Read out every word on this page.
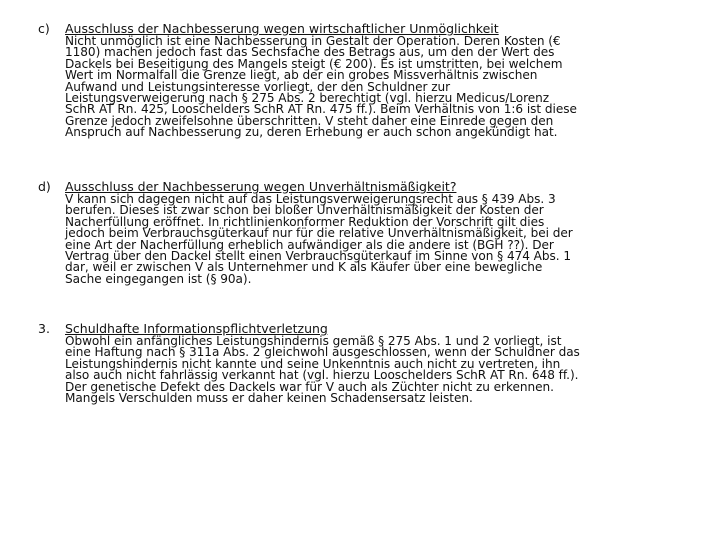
c)	Ausschluss der Nachbesserung wegen wirtschaftlicher Unmöglichkeit
Nicht unmöglich ist eine Nachbesserung in Gestalt der Operation. Deren Kosten (€
1180) machen jedoch fast das Sechsfache des Betrags aus, um den der Wert des
Dackels bei Beseitigung des Mangels steigt (€ 200). Es ist umstritten, bei welchem
Wert im Normalfall die Grenze liegt, ab der ein grobes Missverhältnis zwischen
Aufwand und Leistungsinteresse vorliegt, der den Schuldner zur
Leistungsverweigerung nach § 275 Abs. 2 berechtigt (vgl. hierzu Medicus/Lorenz
SchR AT Rn. 425, Looschelders SchR AT Rn. 475 ff.). Beim Verhältnis von 1:6 ist diese
Grenze jedoch zweifelsohne überschritten. V steht daher eine Einrede gegen den
Anspruch auf Nachbesserung zu, deren Erhebung er auch schon angekündigt hat.
d)	Ausschluss der Nachbesserung wegen Unverhältnismäßigkeit?
V kann sich dagegen nicht auf das Leistungsverweigerungsrecht aus § 439 Abs. 3
berufen. Dieses ist zwar schon bei bloßer Unverhältnismäßigkeit der Kosten der
Nacherfüllung eröffnet. In richtlinienkonformer Reduktion der Vorschrift gilt dies
jedoch beim Verbrauchsgüterkauf nur für die relative Unverhältnismäßigkeit, bei der
eine Art der Nacherfüllung erheblich aufwändiger als die andere ist (BGH ??). Der
Vertrag über den Dackel stellt einen Verbrauchsgüterkauf im Sinne von § 474 Abs. 1
dar, weil er zwischen V als Unternehmer und K als Käufer über eine bewegliche
Sache eingegangen ist (§ 90a).
3.	Schuldhafte Informationspflichtverletzung
Obwohl ein anfängliches Leistungshindernis gemäß § 275 Abs. 1 und 2 vorliegt, ist
eine Haftung nach § 311a Abs. 2 gleichwohl ausgeschlossen, wenn der Schuldner das
Leistungshindernis nicht kannte und seine Unkenntnis auch nicht zu vertreten, ihn
also auch nicht fahrlässig verkannt hat (vgl. hierzu Looschelders SchR AT Rn. 648 ff.).
Der genetische Defekt des Dackels war für V auch als Züchter nicht zu erkennen.
Mangels Verschulden muss er daher keinen Schadensersatz leisten.
